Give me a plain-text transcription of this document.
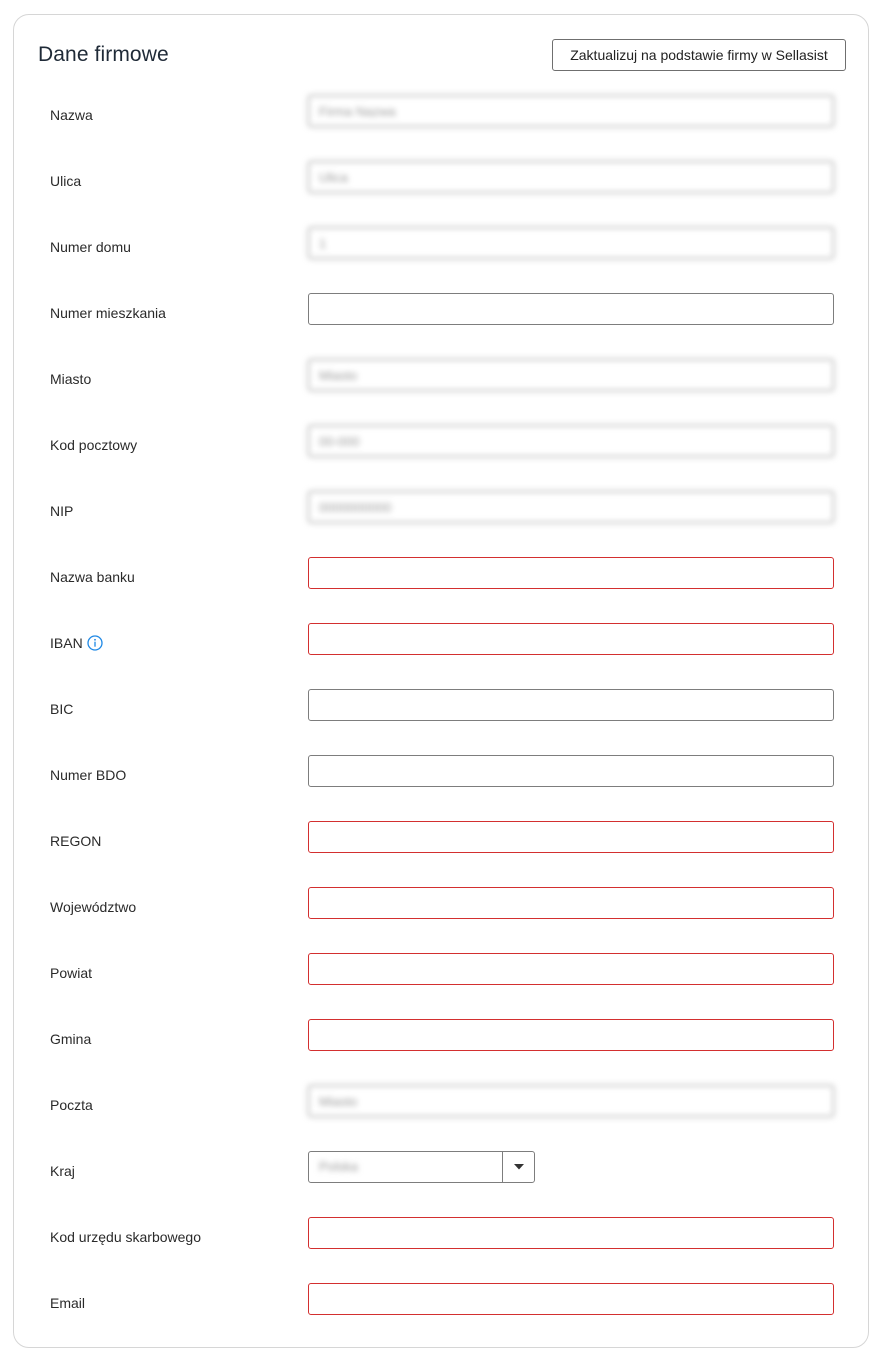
Dane firmowe	Zaktualizuj na podstawie firmy w Sellasist
Nazwa
Firma Nazwa
Ulica
Ulica
Numer domu
1
Numer mieszkania
Miasto
Miasto
Kod pocztowy
00-000
NIP
0000000000
Nazwa banku
IBAN
BIC
Numer BDO
REGON
Województwo
Powiat
Gmina
Poczta
Miasto
Kraj	Polska
Kod urzędu skarbowego
Email
